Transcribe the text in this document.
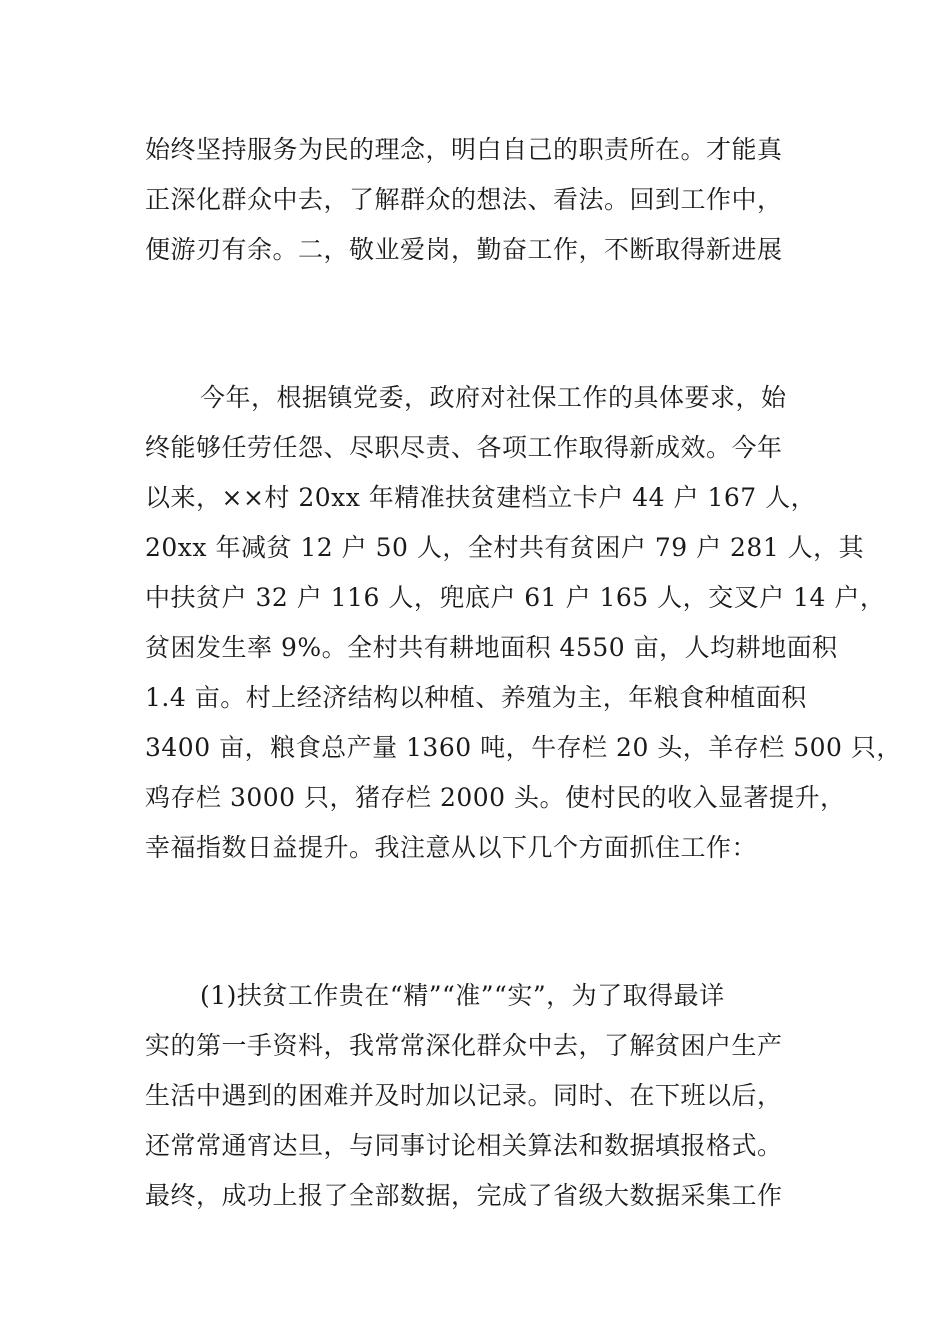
始终坚持服务为民的理念，明白自己的职责所在。才能真

正深化群众中去，了解群众的想法、看法。回到工作中，

便游刃有余。二，敬业爱岗，勤奋工作，不断取得新进展

今年，根据镇党委，政府对社保工作的具体要求，始

终能够任劳任怨、尽职尽责、各项工作取得新成效。今年

以来，××村 20xx 年精准扶贫建档立卡户 44 户 167 人，

20xx 年减贫 12 户 50 人，全村共有贫困户 79 户 281 人，其

中扶贫户 32 户 116 人，兜底户 61 户 165 人，交叉户 14 户，

贫困发生率 9%。全村共有耕地面积 4550 亩，人均耕地面积

1.4 亩。村上经济结构以种植、养殖为主，年粮食种植面积

3400 亩，粮食总产量 1360 吨，牛存栏 20 头，羊存栏 500 只，

鸡存栏 3000 只，猪存栏 2000 头。使村民的收入显著提升，

幸福指数日益提升。我注意从以下几个方面抓住工作：

(1)扶贫工作贵在“精”“准”“实”，为了取得最详

实的第一手资料，我常常深化群众中去，了解贫困户生产

生活中遇到的困难并及时加以记录。同时、在下班以后，

还常常通宵达旦，与同事讨论相关算法和数据填报格式。

最终，成功上报了全部数据，完成了省级大数据采集工作
